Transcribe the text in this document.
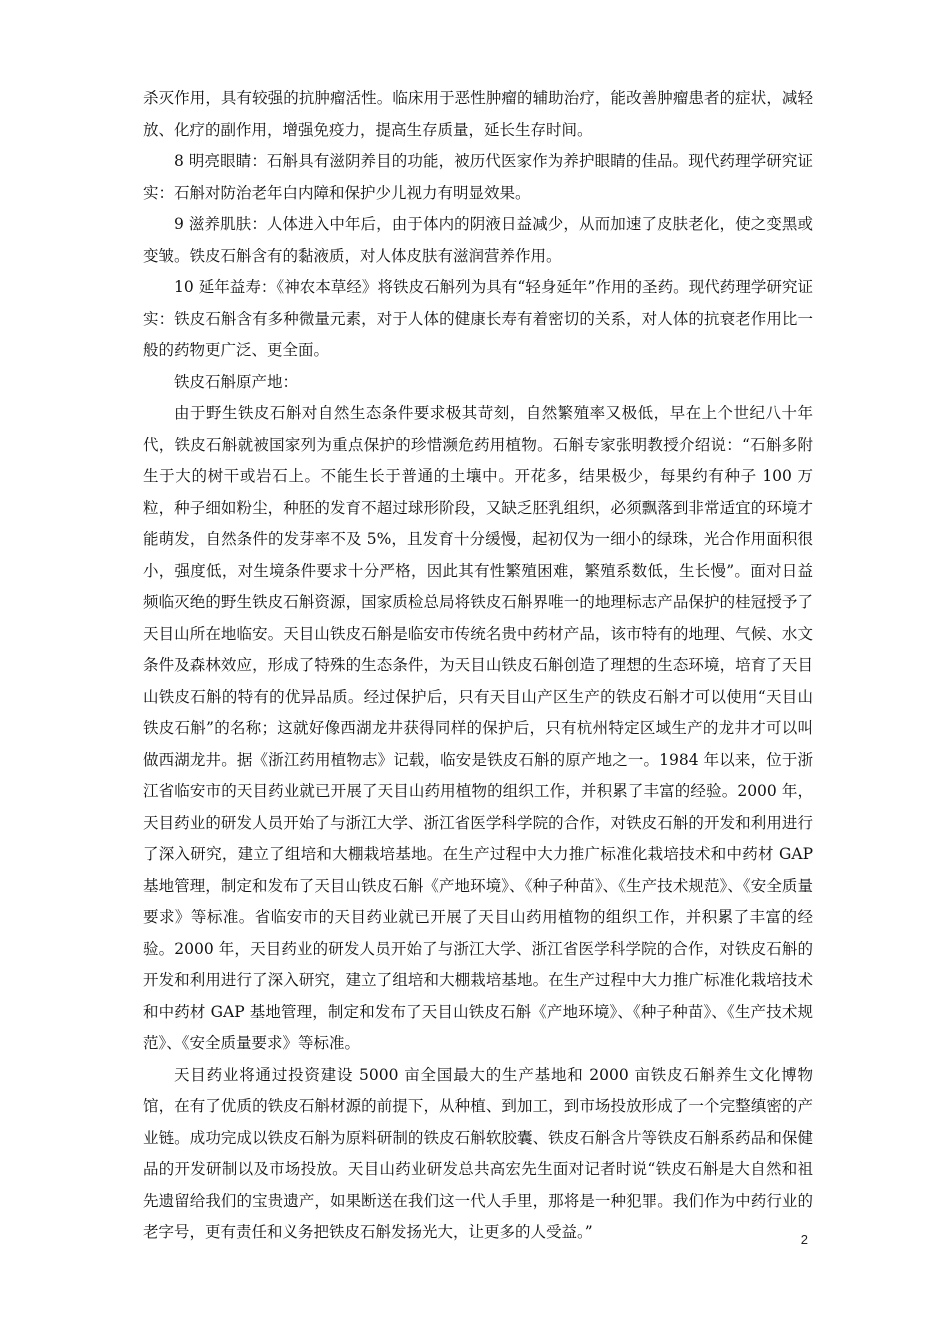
杀灭作用，具有较强的抗肿瘤活性。临床用于恶性肿瘤的辅助治疗，能改善肿瘤患者的症状，减轻放、化疗的副作用，增强免疫力，提高生存质量，延长生存时间。

8 明亮眼睛：石斛具有滋阴养目的功能，被历代医家作为养护眼睛的佳品。现代药理学研究证实：石斛对防治老年白内障和保护少儿视力有明显效果。

9 滋养肌肤：人体进入中年后，由于体内的阴液日益减少，从而加速了皮肤老化，使之变黑或变皱。铁皮石斛含有的黏液质，对人体皮肤有滋润营养作用。

10 延年益寿：《神农本草经》将铁皮石斛列为具有“轻身延年”作用的圣药。现代药理学研究证实：铁皮石斛含有多种微量元素，对于人体的健康长寿有着密切的关系，对人体的抗衰老作用比一般的药物更广泛、更全面。

铁皮石斛原产地：

由于野生铁皮石斛对自然生态条件要求极其苛刻，自然繁殖率又极低，早在上个世纪八十年代，铁皮石斛就被国家列为重点保护的珍惜濒危药用植物。石斛专家张明教授介绍说：“石斛多附生于大的树干或岩石上。不能生长于普通的土壤中。开花多，结果极少，每果约有种子 100 万粒，种子细如粉尘，种胚的发育不超过球形阶段，又缺乏胚乳组织，必须飘落到非常适宜的环境才能萌发，自然条件的发芽率不及 5%，且发育十分缓慢，起初仅为一细小的绿珠，光合作用面积很小，强度低，对生境条件要求十分严格，因此其有性繁殖困难，繁殖系数低，生长慢”。面对日益频临灭绝的野生铁皮石斛资源，国家质检总局将铁皮石斛界唯一的地理标志产品保护的桂冠授予了天目山所在地临安。天目山铁皮石斛是临安市传统名贵中药材产品，该市特有的地理、气候、水文条件及森林效应，形成了特殊的生态条件，为天目山铁皮石斛创造了理想的生态环境，培育了天目山铁皮石斛的特有的优异品质。经过保护后，只有天目山产区生产的铁皮石斛才可以使用“天目山铁皮石斛”的名称；这就好像西湖龙井获得同样的保护后，只有杭州特定区域生产的龙井才可以叫做西湖龙井。据《浙江药用植物志》记载，临安是铁皮石斛的原产地之一。1984 年以来，位于浙江省临安市的天目药业就已开展了天目山药用植物的组织工作，并积累了丰富的经验。2000 年，天目药业的研发人员开始了与浙江大学、浙江省医学科学院的合作，对铁皮石斛的开发和利用进行了深入研究，建立了组培和大棚栽培基地。在生产过程中大力推广标准化栽培技术和中药材 GAP 基地管理，制定和发布了天目山铁皮石斛《产地环境》、《种子种苗》、《生产技术规范》、《安全质量要求》等标准。省临安市的天目药业就已开展了天目山药用植物的组织工作，并积累了丰富的经验。2000 年，天目药业的研发人员开始了与浙江大学、浙江省医学科学院的合作，对铁皮石斛的开发和利用进行了深入研究，建立了组培和大棚栽培基地。在生产过程中大力推广标准化栽培技术和中药材 GAP 基地管理，制定和发布了天目山铁皮石斛《产地环境》、《种子种苗》、《生产技术规范》、《安全质量要求》等标准。

天目药业将通过投资建设 5000 亩全国最大的生产基地和 2000 亩铁皮石斛养生文化博物馆，在有了优质的铁皮石斛材源的前提下，从种植、到加工，到市场投放形成了一个完整缜密的产业链。成功完成以铁皮石斛为原料研制的铁皮石斛软胶囊、铁皮石斛含片等铁皮石斛系药品和保健品的开发研制以及市场投放。天目山药业研发总共高宏先生面对记者时说“铁皮石斛是大自然和祖先遗留给我们的宝贵遗产，如果断送在我们这一代人手里，那将是一种犯罪。我们作为中药行业的老字号，更有责任和义务把铁皮石斛发扬光大，让更多的人受益。”	2
